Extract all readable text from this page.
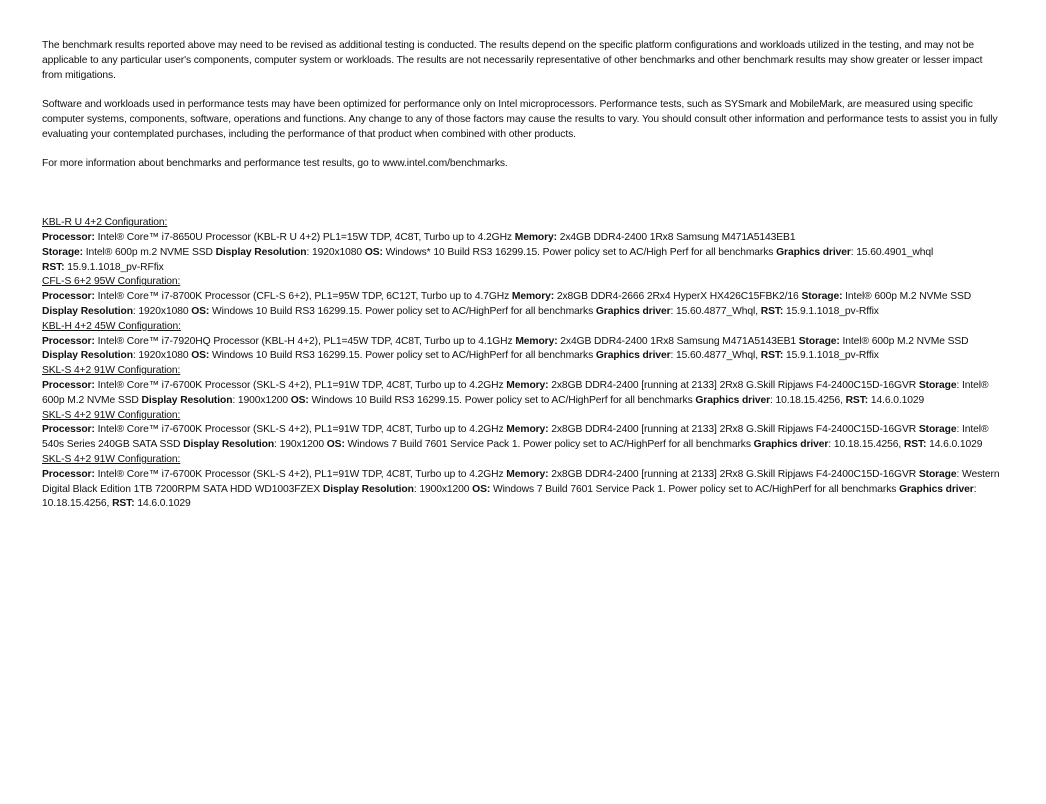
The benchmark results reported above may need to be revised as additional testing is conducted. The results depend on the specific platform configurations and workloads utilized in the testing, and may not be applicable to any particular user's components, computer system or workloads. The results are not necessarily representative of other benchmarks and other benchmark results may show greater or lesser impact from mitigations.

Software and workloads used in performance tests may have been optimized for performance only on Intel microprocessors. Performance tests, such as SYSmark and MobileMark, are measured using specific computer systems, components, software, operations and functions. Any change to any of those factors may cause the results to vary. You should consult other information and performance tests to assist you in fully evaluating your contemplated purchases, including the performance of that product when combined with other products.

For more information about benchmarks and performance test results, go to www.intel.com/benchmarks.

KBL-R U 4+2 Configuration:
Processor: Intel® Core™ i7-8650U Processor (KBL-R U 4+2) PL1=15W TDP, 4C8T, Turbo up to 4.2GHz Memory: 2x4GB DDR4-2400 1Rx8 Samsung M471A5143EB1
Storage: Intel® 600p m.2 NVME SSD Display Resolution: 1920x1080 OS: Windows* 10 Build RS3 16299.15. Power policy set to AC/High Perf for all benchmarks Graphics driver: 15.60.4901_whql
RST: 15.9.1.1018_pv-RFfix
CFL-S 6+2 95W Configuration:
Processor: Intel® Core™ i7-8700K Processor (CFL-S 6+2), PL1=95W TDP, 6C12T, Turbo up to 4.7GHz Memory: 2x8GB DDR4-2666 2Rx4 HyperX HX426C15FBK2/16 Storage: Intel® 600p M.2 NVMe SSD Display Resolution: 1920x1080 OS: Windows 10 Build RS3 16299.15. Power policy set to AC/HighPerf for all benchmarks Graphics driver: 15.60.4877_Whql, RST: 15.9.1.1018_pv-Rffix
KBL-H 4+2 45W Configuration:
Processor: Intel® Core™ i7-7920HQ Processor (KBL-H 4+2), PL1=45W TDP, 4C8T, Turbo up to 4.1GHz Memory: 2x4GB DDR4-2400 1Rx8 Samsung M471A5143EB1 Storage: Intel® 600p M.2 NVMe SSD Display Resolution: 1920x1080 OS: Windows 10 Build RS3 16299.15. Power policy set to AC/HighPerf for all benchmarks Graphics driver: 15.60.4877_Whql, RST: 15.9.1.1018_pv-Rffix
SKL-S 4+2 91W Configuration:
Processor: Intel® Core™ i7-6700K Processor (SKL-S 4+2), PL1=91W TDP, 4C8T, Turbo up to 4.2GHz Memory: 2x8GB DDR4-2400 [running at 2133] 2Rx8 G.Skill Ripjaws F4-2400C15D-16GVR Storage: Intel® 600p M.2 NVMe SSD Display Resolution: 1900x1200 OS: Windows 10 Build RS3 16299.15. Power policy set to AC/HighPerf for all benchmarks Graphics driver: 10.18.15.4256, RST: 14.6.0.1029
SKL-S 4+2 91W Configuration:
Processor: Intel® Core™ i7-6700K Processor (SKL-S 4+2), PL1=91W TDP, 4C8T, Turbo up to 4.2GHz Memory: 2x8GB DDR4-2400 [running at 2133] 2Rx8 G.Skill Ripjaws F4-2400C15D-16GVR Storage: Intel® 540s Series 240GB SATA SSD Display Resolution: 190x1200 OS: Windows 7 Build 7601 Service Pack 1. Power policy set to AC/HighPerf for all benchmarks Graphics driver: 10.18.15.4256, RST: 14.6.0.1029
SKL-S 4+2 91W Configuration:
Processor: Intel® Core™ i7-6700K Processor (SKL-S 4+2), PL1=91W TDP, 4C8T, Turbo up to 4.2GHz Memory: 2x8GB DDR4-2400 [running at 2133] 2Rx8 G.Skill Ripjaws F4-2400C15D-16GVR Storage: Western Digital Black Edition 1TB 7200RPM SATA HDD WD1003FZEX Display Resolution: 1900x1200 OS: Windows 7 Build 7601 Service Pack 1. Power policy set to AC/HighPerf for all benchmarks Graphics driver: 10.18.15.4256, RST: 14.6.0.1029
